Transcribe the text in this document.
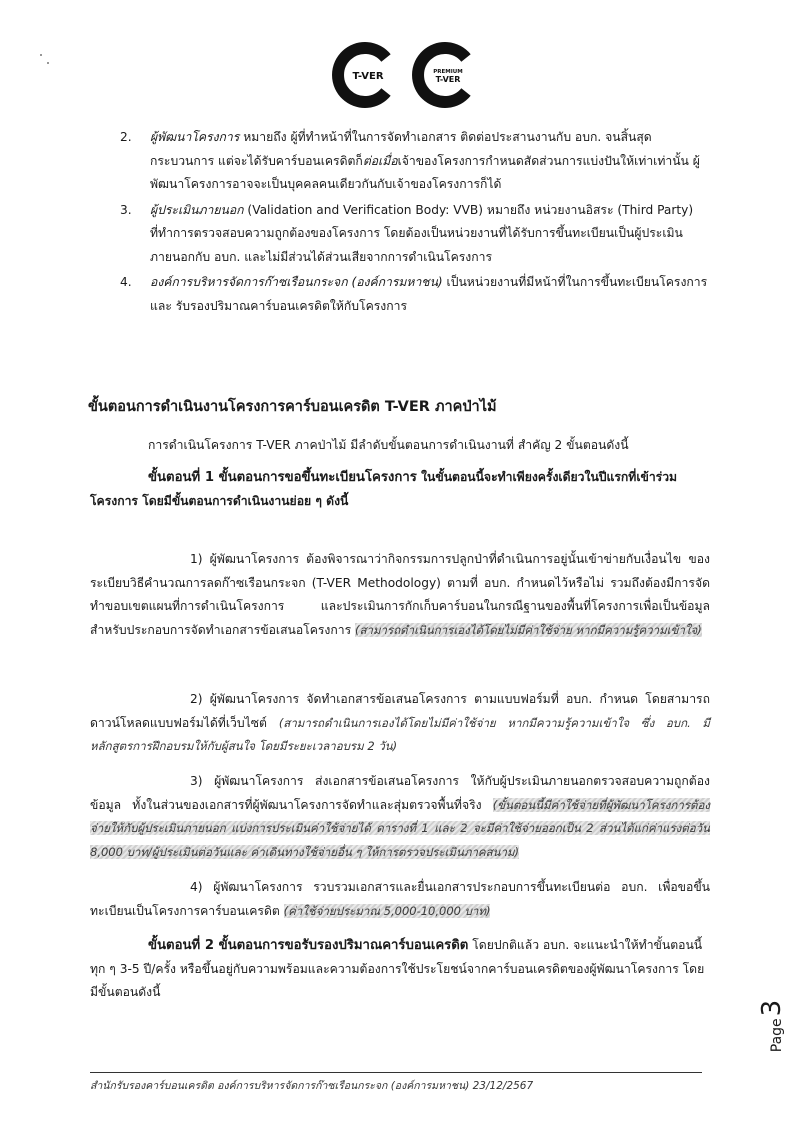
T-VER	PREMIUM
T-VER
2. ผู้พัฒนาโครงการ หมายถึง ผู้ที่ทำหน้าที่ในการจัดทำเอกสาร ติดต่อประสานงานกับ อบก. จนสิ้นสุดกระบวนการ แต่จะได้รับคาร์บอนเครดิตก็ต่อเมื่อเจ้าของโครงการกำหนดสัดส่วนการแบ่งปันให้เท่าเท่านั้น ผู้พัฒนาโครงการอาจจะเป็นบุคคลคนเดียวกันกับเจ้าของโครงการก็ได้
3. ผู้ประเมินภายนอก (Validation and Verification Body: VVB) หมายถึง หน่วยงานอิสระ (Third Party) ที่ทำการตรวจสอบความถูกต้องของโครงการ โดยต้องเป็นหน่วยงานที่ได้รับการขึ้นทะเบียนเป็นผู้ประเมินภายนอกกับ อบก. และไม่มีส่วนได้ส่วนเสียจากการดำเนินโครงการ
4. องค์การบริหารจัดการก๊าซเรือนกระจก (องค์การมหาชน) เป็นหน่วยงานที่มีหน้าที่ในการขึ้นทะเบียนโครงการ และ รับรองปริมาณคาร์บอนเครดิตให้กับโครงการ
ขั้นตอนการดำเนินงานโครงการคาร์บอนเครดิต T-VER ภาคป่าไม้
การดำเนินโครงการ T-VER ภาคป่าไม้ มีลำดับขั้นตอนการดำเนินงานที่ สำคัญ 2 ขั้นตอนดังนี้
ขั้นตอนที่ 1 ขั้นตอนการขอขึ้นทะเบียนโครงการ ในขั้นตอนนี้จะทำเพียงครั้งเดียวในปีแรกที่เข้าร่วมโครงการ โดยมีขั้นตอนการดำเนินงานย่อย ๆ ดังนี้
1) ผู้พัฒนาโครงการ ต้องพิจารณาว่ากิจกรรมการปลูกป่าที่ดำเนินการอยู่นั้นเข้าข่ายกับเงื่อนไข ของระเบียบวิธีคำนวณการลดก๊าซเรือนกระจก (T-VER Methodology) ตามที่ อบก. กำหนดไว้หรือไม่ รวมถึงต้องมีการจัดทำขอบเขตแผนที่การดำเนินโครงการ และประเมินการกักเก็บคาร์บอนในกรณีฐานของพื้นที่โครงการเพื่อเป็นข้อมูลสำหรับประกอบการจัดทำเอกสารข้อเสนอโครงการ (สามารถดำเนินการเองได้โดยไม่มีค่าใช้จ่าย หากมีความรู้ความเข้าใจ)
2) ผู้พัฒนาโครงการ จัดทำเอกสารข้อเสนอโครงการ ตามแบบฟอร์มที่ อบก. กำหนด โดยสามารถดาวน์โหลดแบบฟอร์มได้ที่เว็บไซต์ (สามารถดำเนินการเองได้โดยไม่มีค่าใช้จ่าย หากมีความรู้ความเข้าใจ ซึ่ง อบก. มีหลักสูตรการฝึกอบรมให้กับผู้สนใจ โดยมีระยะเวลาอบรม 2 วัน)
3) ผู้พัฒนาโครงการ ส่งเอกสารข้อเสนอโครงการ ให้กับผู้ประเมินภายนอกตรวจสอบความถูกต้องข้อมูล ทั้งในส่วนของเอกสารที่ผู้พัฒนาโครงการจัดทำและสุ่มตรวจพื้นที่จริง (ขั้นตอนนี้มีค่าใช้จ่ายที่ผู้พัฒนาโครงการต้องจ่ายให้กับผู้ประเมินภายนอก แบ่งการประเมินค่าใช้จ่ายได้ ดารางที่ 1 และ 2 จะมีค่าใช้จ่ายออกเป็น 2 ส่วนได้แก่ค่าแรงต่อวัน 8,000 บาท/ผู้ประเมินต่อวันและ ค่าเดินทางใช้จ่ายอื่น ๆ ให้การตรวจประเมินภาคสนาม)
4) ผู้พัฒนาโครงการ รวบรวมเอกสารและยื่นเอกสารประกอบการขึ้นทะเบียนต่อ อบก. เพื่อขอขึ้นทะเบียนเป็นโครงการคาร์บอนเครดิต (ค่าใช้จ่ายประมาณ 5,000-10,000 บาท)
ขั้นตอนที่ 2 ขั้นตอนการขอรับรองปริมาณคาร์บอนเครดิต โดยปกติแล้ว อบก. จะแนะนำให้ทำขั้นตอนนี้ทุก ๆ 3-5 ปี/ครั้ง หรือขึ้นอยู่กับความพร้อมและความต้องการใช้ประโยชน์จากคาร์บอนเครดิตของผู้พัฒนาโครงการ โดยมีขั้นตอนดังนี้
Page
3
สำนักรับรองคาร์บอนเครดิต องค์การบริหารจัดการก๊าซเรือนกระจก (องค์การมหาชน) 23/12/2567
